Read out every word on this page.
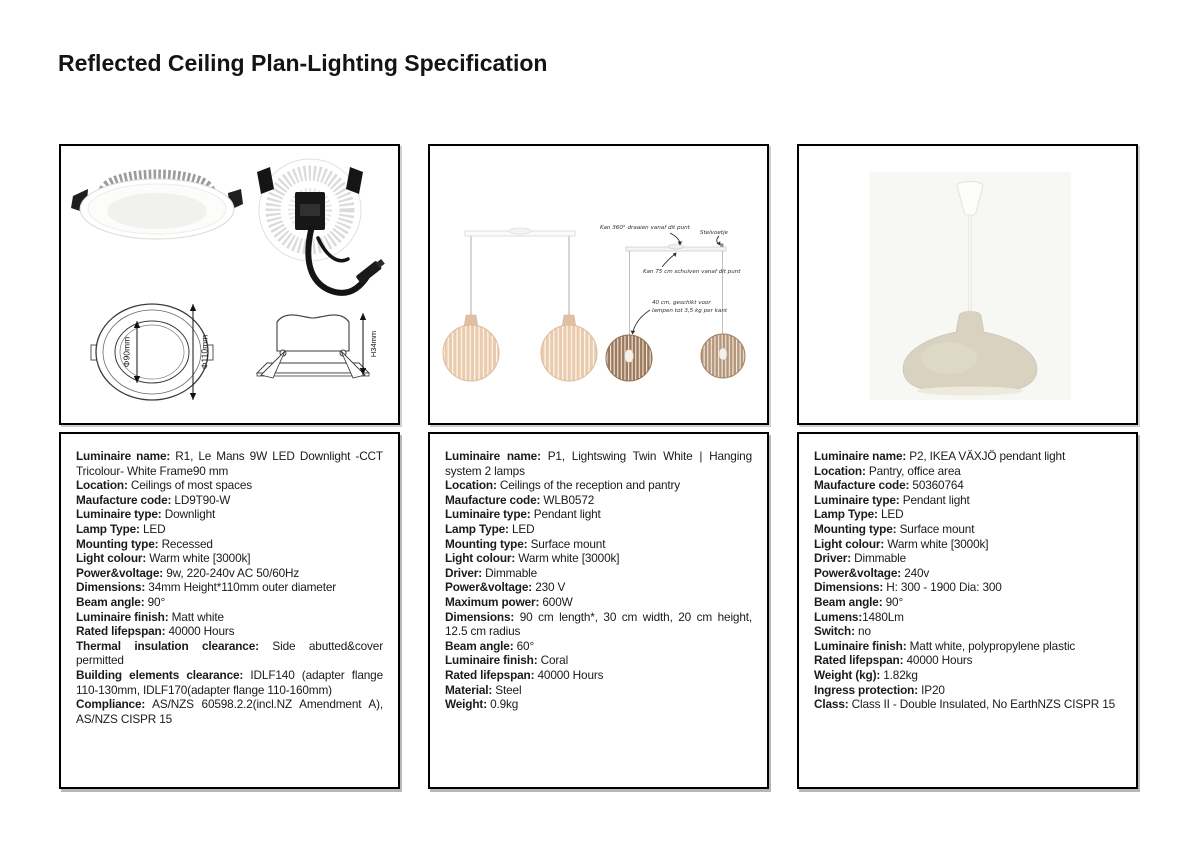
Reflected Ceiling Plan-Lighting Specification
Φ90mm	Φ110mm	H34mm
Kan 360° draaien vanaf dit punt
Stelvoetje
Kan 75 cm schuiven vanaf dit punt
40 cm, geschikt voor
lampen tot 3,5 kg per kant
Luminaire name: R1, Le Mans 9W LED Downlight -CCT Tricolour- White Frame90 mm
Location: Ceilings of most spaces
Maufacture code: LD9T90-W
Luminaire type: Downlight
Lamp Type: LED
Mounting type: Recessed
Light colour: Warm white [3000k]
Power&voltage: 9w, 220-240v AC 50/60Hz
Dimensions: 34mm Height*110mm outer diameter
Beam angle: 90°
Luminaire finish: Matt white
Rated lifepspan: 40000 Hours
Thermal insulation clearance: Side abutted&cover permitted
Building elements clearance: IDLF140 (adapter flange 110-130mm, IDLF170(adapter flange 110-160mm)
Compliance: AS/NZS 60598.2.2(incl.NZ Amendment A), AS/NZS CISPR 15
Luminaire name: P1, Lightswing Twin White | Hanging system 2 lamps
Location: Ceilings of the reception and pantry
Maufacture code: WLB0572
Luminaire type: Pendant light
Lamp Type: LED
Mounting type: Surface mount
Light colour: Warm white [3000k]
Driver: Dimmable
Power&voltage: 230 V
Maximum power: 600W
Dimensions: 90 cm length*, 30 cm width, 20 cm height, 12.5 cm radius
Beam angle: 60°
Luminaire finish: Coral
Rated lifepspan: 40000 Hours
Material: Steel
Weight: 0.9kg
Luminaire name: P2, IKEA VÄXJÖ pendant light
Location: Pantry, office area
Maufacture code: 50360764
Luminaire type: Pendant light
Lamp Type: LED
Mounting type: Surface mount
Light colour: Warm white [3000k]
Driver: Dimmable
Power&voltage: 240v
Dimensions: H: 300 - 1900 Dia: 300
Beam angle: 90°
Lumens:1480Lm
Switch: no
Luminaire finish: Matt white, polypropylene plastic
Rated lifepspan: 40000 Hours
Weight (kg): 1.82kg
Ingress protection: IP20
Class: Class II - Double Insulated, No EarthNZS CISPR 15
